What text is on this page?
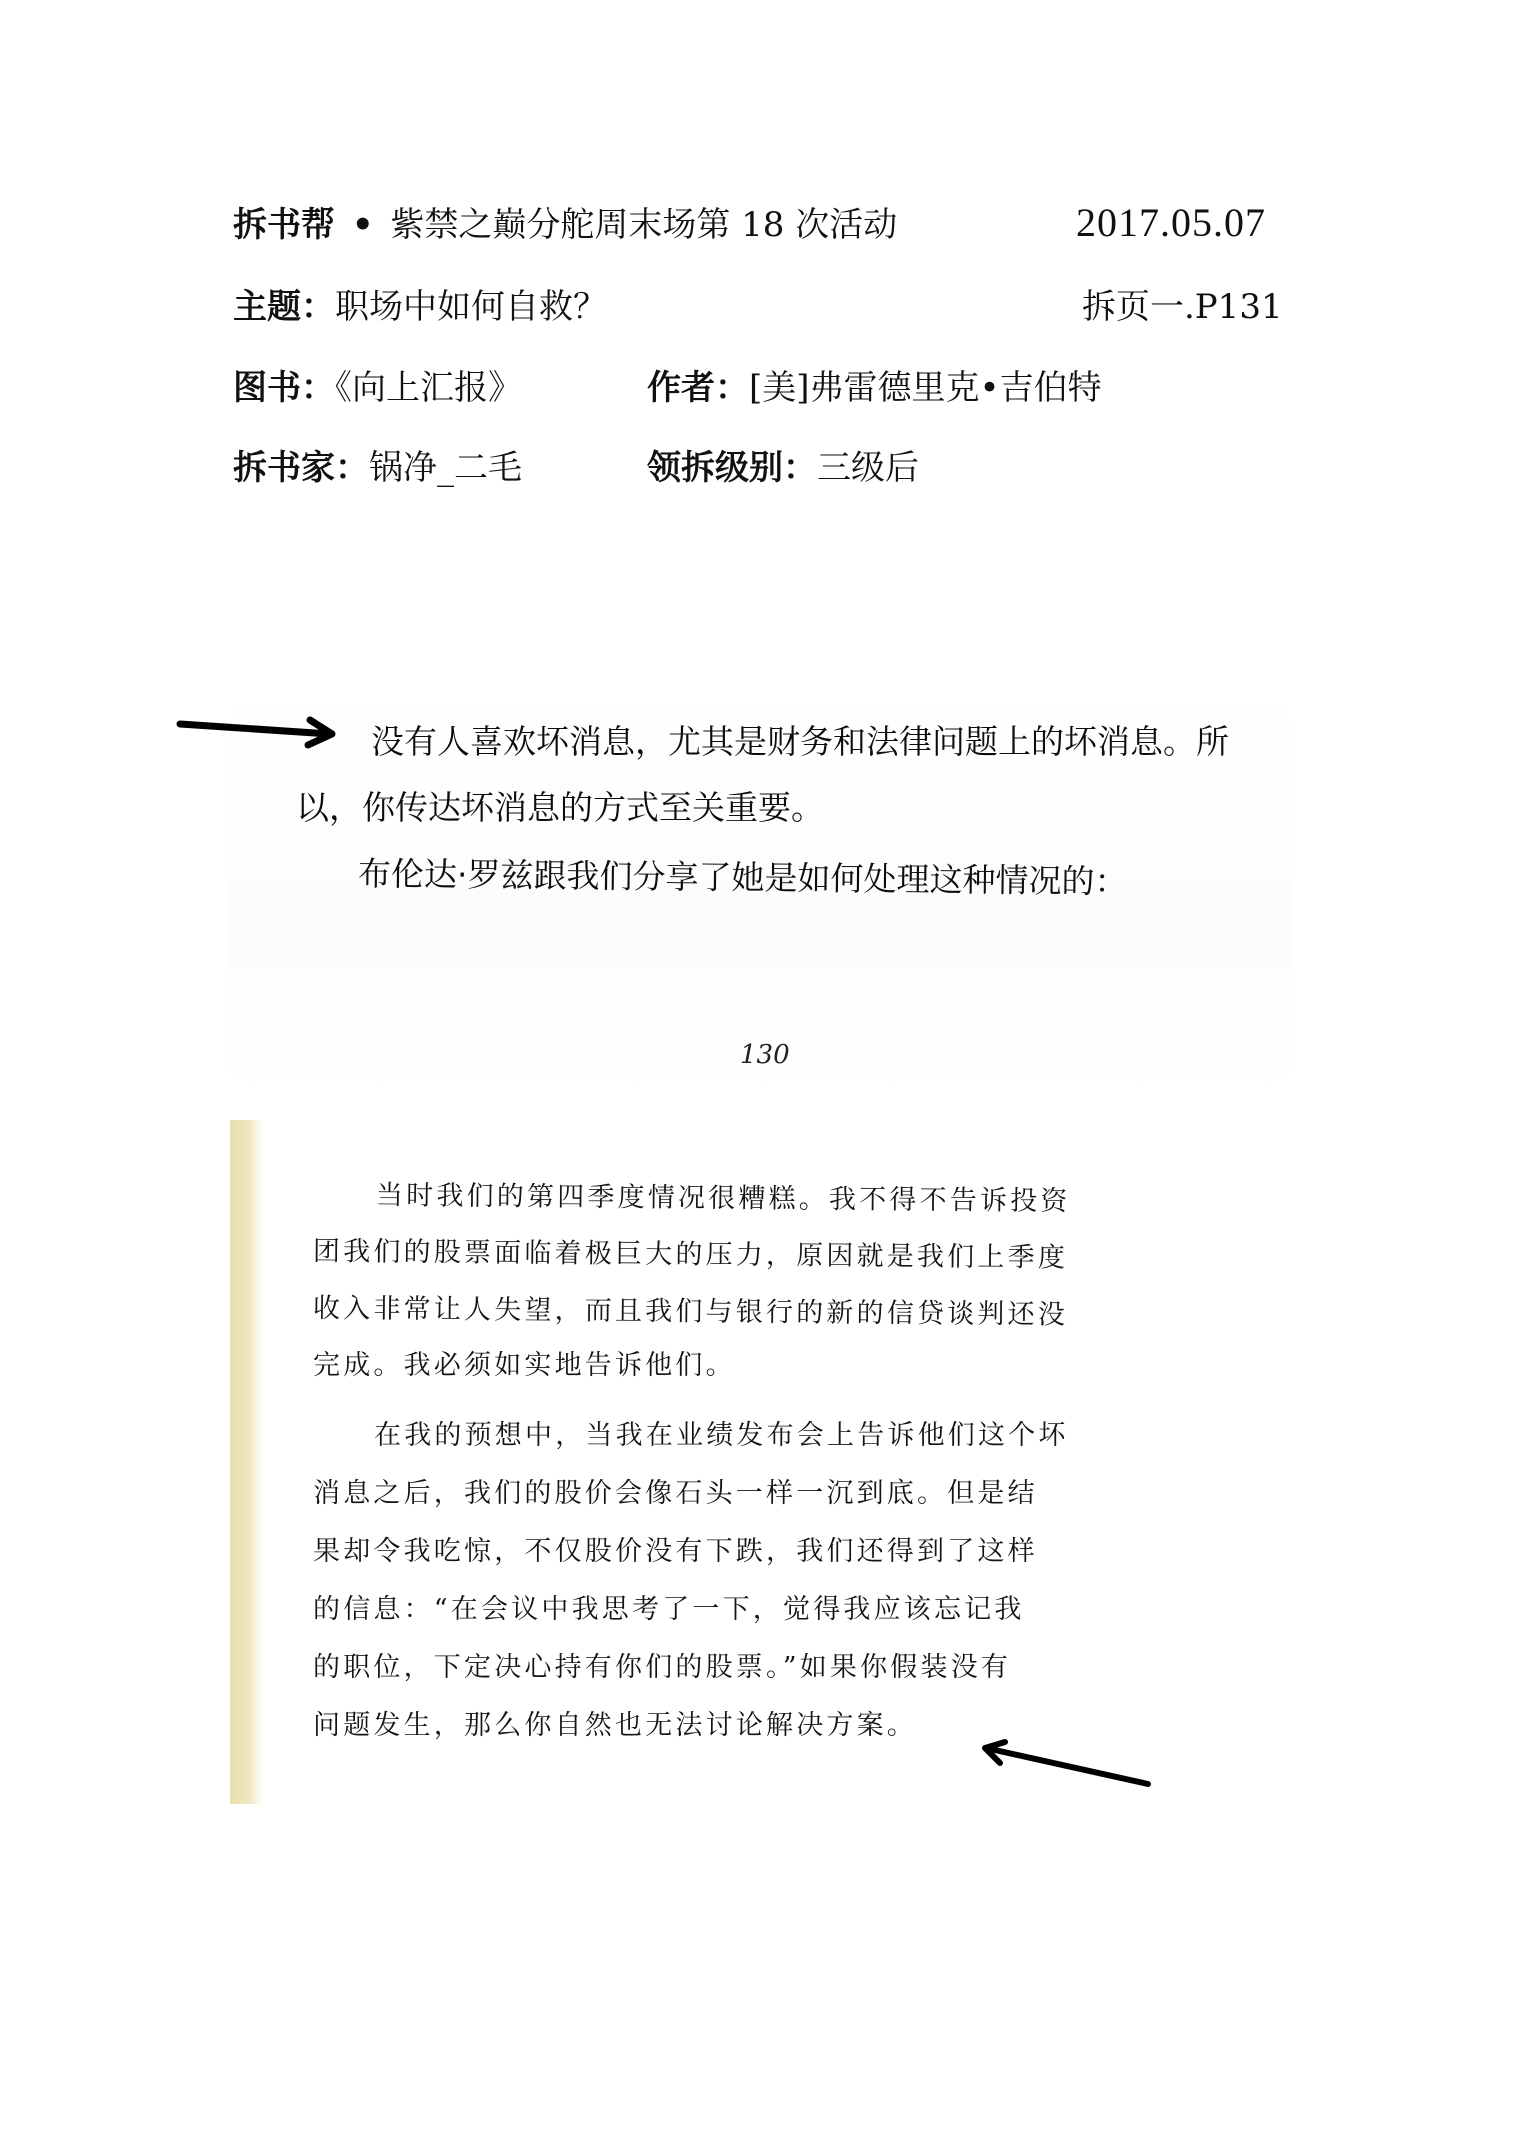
拆书帮 • 紫禁之巅分舵周末场第 18 次活动	2017.05.07
主题：职场中如何自救？	拆页一.P131
图书：《向上汇报》	作者：[美]弗雷德里克•吉伯特
拆书家：锅净_二毛	领拆级别：三级后
没有人喜欢坏消息，尤其是财务和法律问题上的坏消息。所
以，你传达坏消息的方式至关重要。
布伦达·罗兹跟我们分享了她是如何处理这种情况的：
130
当时我们的第四季度情况很糟糕。我不得不告诉投资
团我们的股票面临着极巨大的压力，原因就是我们上季度
收入非常让人失望，而且我们与银行的新的信贷谈判还没
完成。我必须如实地告诉他们。
在我的预想中，当我在业绩发布会上告诉他们这个坏
消息之后，我们的股价会像石头一样一沉到底。但是结
果却令我吃惊，不仅股价没有下跌，我们还得到了这样
的信息：“在会议中我思考了一下，觉得我应该忘记我
的职位，下定决心持有你们的股票。”如果你假装没有
问题发生，那么你自然也无法讨论解决方案。
